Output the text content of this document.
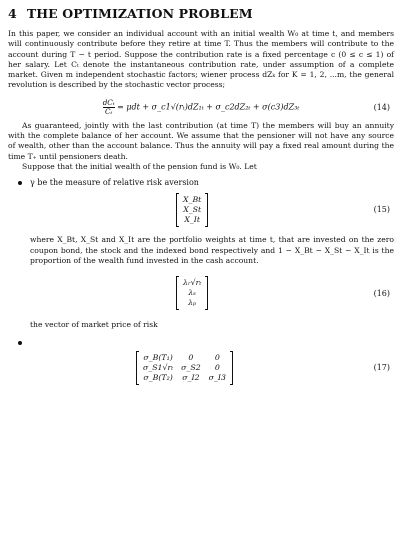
4 THE OPTIMIZATION PROBLEM

In this paper, we consider an individual account with an initial wealth W₀ at time t, and members will continuously contribute before they retire at time T. Thus the members will contribute to the account during T − t period. Suppose the contribution rate is a fixed percentage c (0 ≤ c ≤ 1) of her salary. Let Cₜ denote the instantaneous contribution rate, under assumption of a complete market. Given m independent stochastic factors; wiener process dZₖ for K = 1, 2, ...m, the general revolution is described by the stochastic vector process;

$\frac{\text{dCₜ}}{\text{Cₜ}} = \mu dt$ + σ_c1√(rₜ)dZ₁ₜ + σ_c2dZ₂ₜ + σ(c3)dZ₃ₜ	(14)

As guaranteed, jointly with the last contribution (at time T) the members will buy an annuity with the complete balance of her account. We assume that the pensioner will not have any source of wealth, other than the account balance. Thus the annuity will pay a fixed real amount during the time T₊ until pensioners death.

Suppose that the initial wealth of the pension fund is W₀. Let

γ be the measure of relative risk aversion
X_Bt
X_St
X_It
(15)

where X_Bt, X_St and X_It are the portfolio weights at time t, that are invested on the zero coupon bond, the stock and the indexed bond respectively and 1 − X_Bt − X_St − X_It is the proportion of the wealth fund invested in the cash account.

λᵣ√rₜ
λₛ
λₚ
(16)

the vector of market price of risk

σ_B(T₁)	0	0
σ_S1√rₜ σ_S2	0
σ_B(T₂) σ_I2 σ_I3
(17)
